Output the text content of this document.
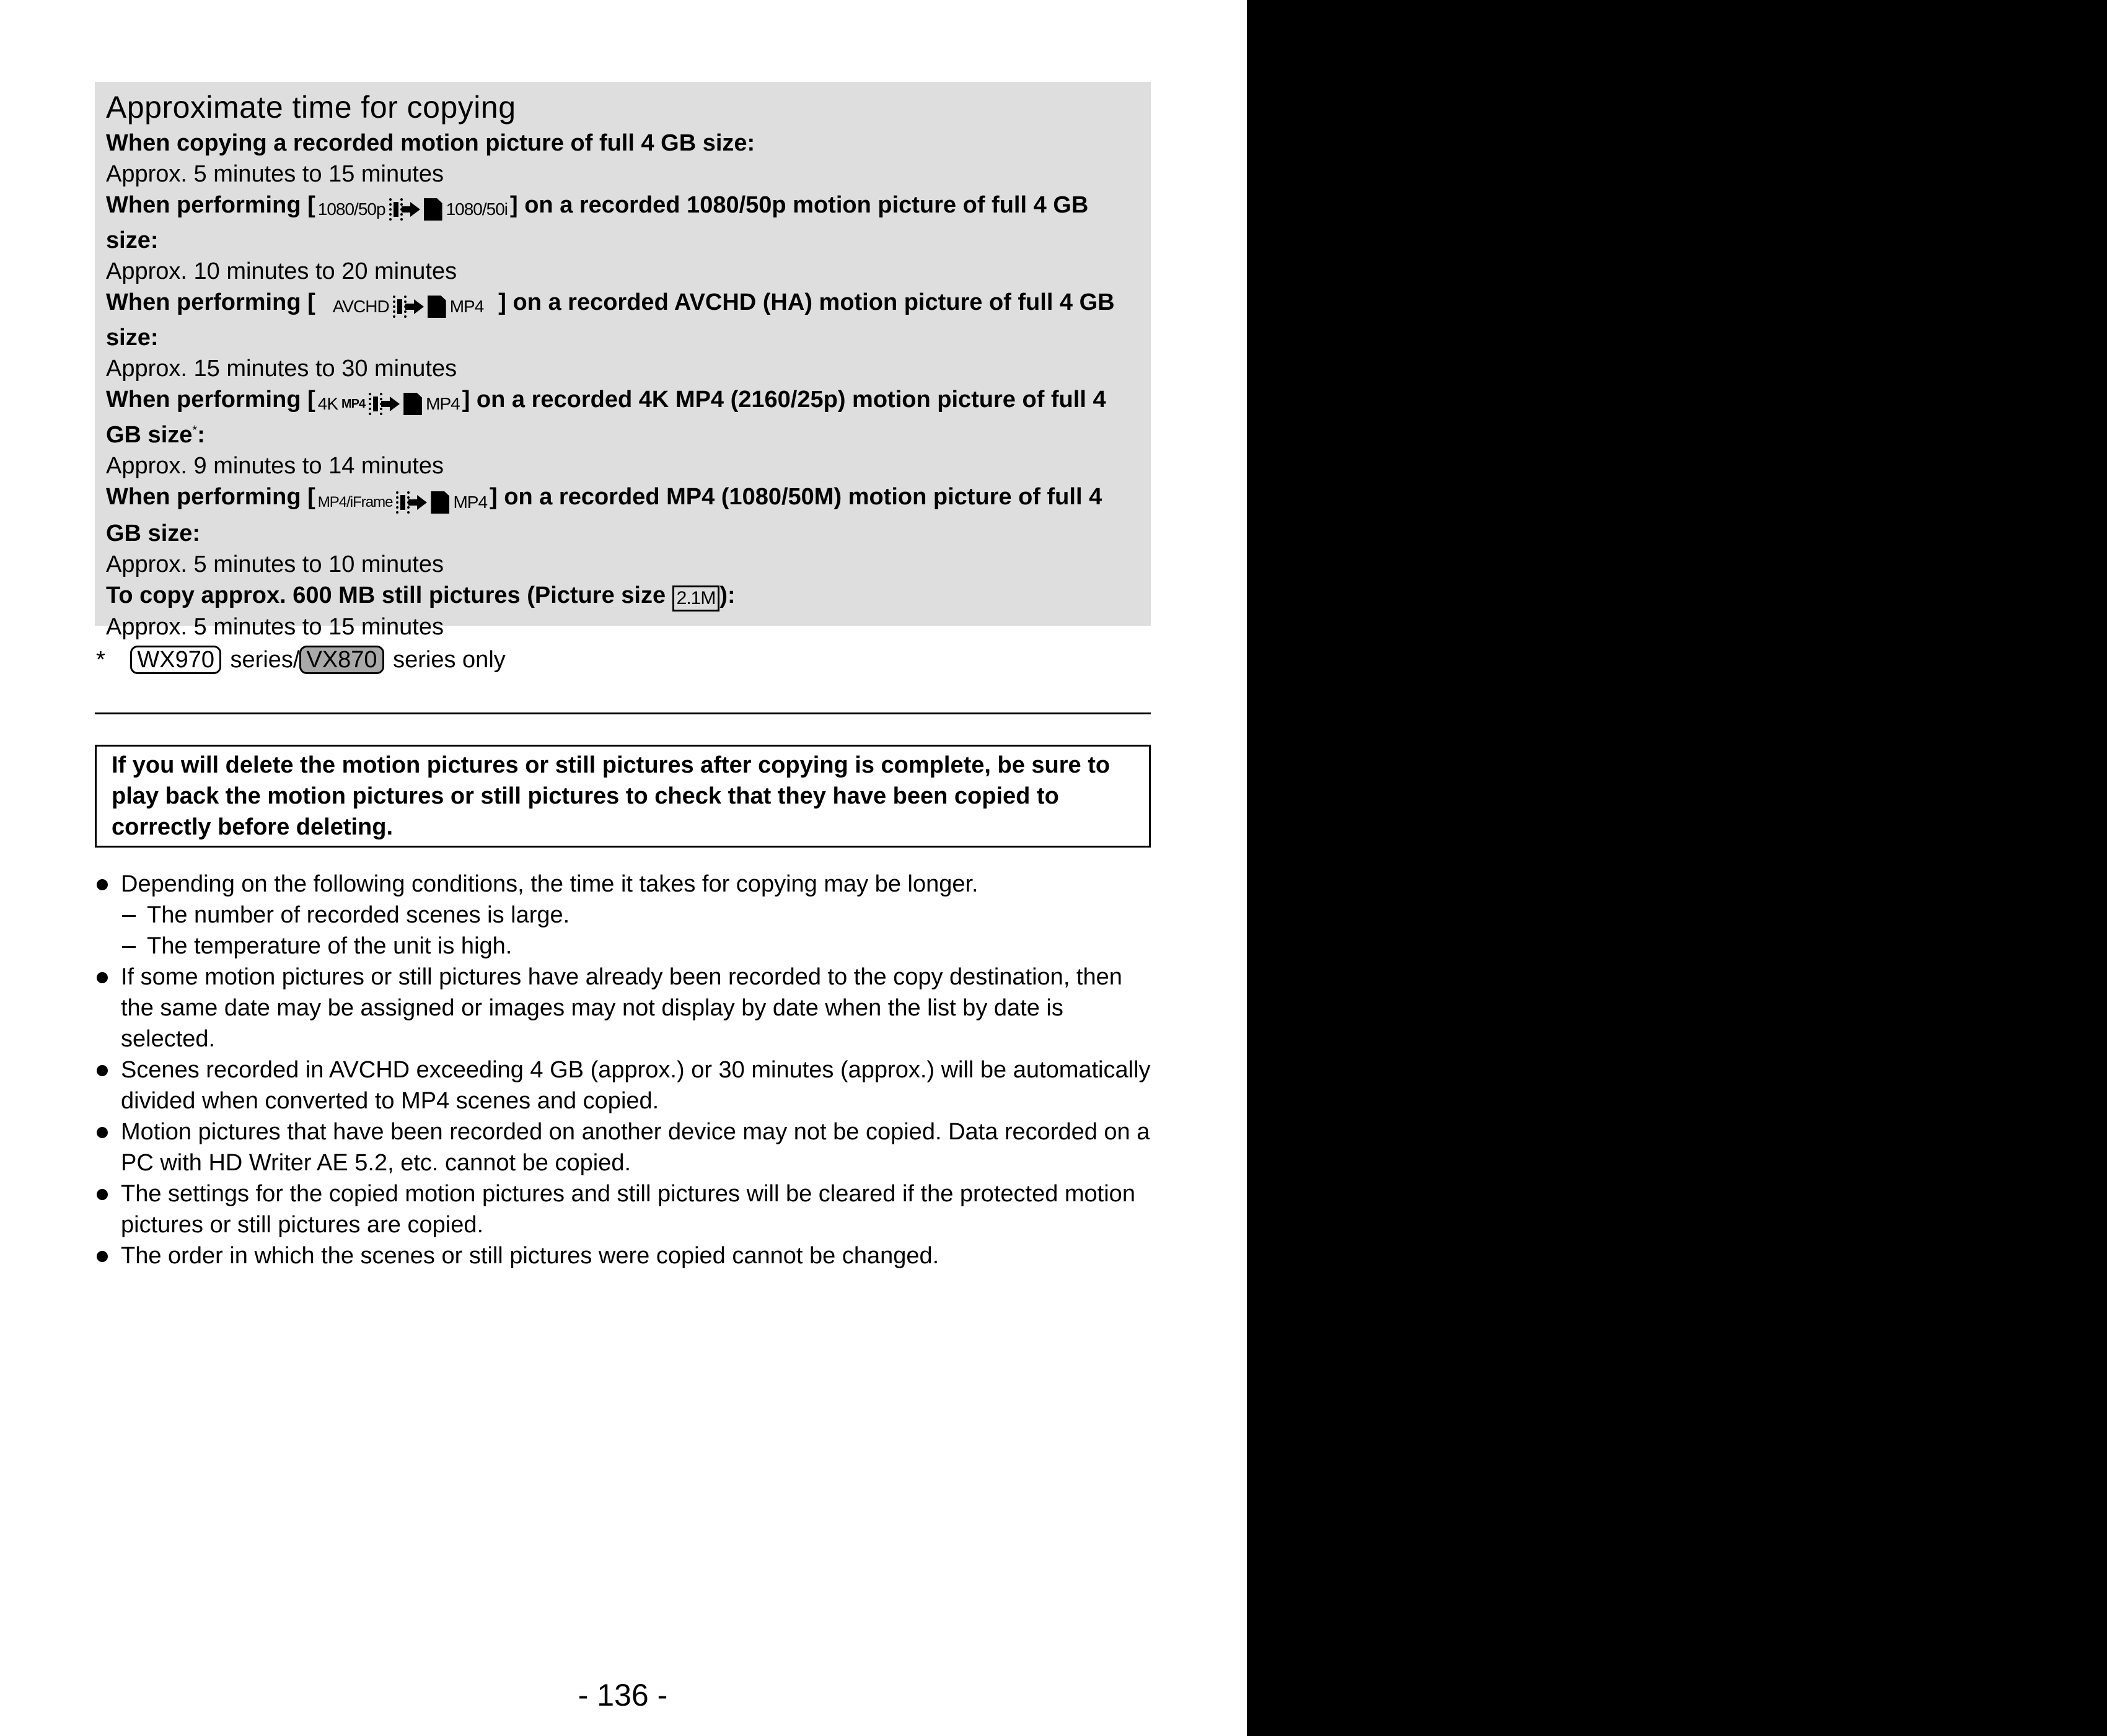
Approximate time for copying
When copying a recorded motion picture of full 4 GB size:
Approx. 5 minutes to 15 minutes
When performing [ 1080/50p	1080/50i ] on a recorded 1080/50p motion picture of full 4 GB size:
Approx. 10 minutes to 20 minutes
When performing [ AVCHD	MP4 ] on a recorded AVCHD (HA) motion picture of full 4 GB size:
Approx. 15 minutes to 30 minutes
When performing [ 4K MP4	MP4 ] on a recorded 4K MP4 (2160/25p) motion picture of full 4 GB size*:
Approx. 9 minutes to 14 minutes
When performing [ MP4/iFrame	MP4 ] on a recorded MP4 (1080/50M) motion picture of full 4 GB size:
Approx. 5 minutes to 10 minutes
To copy approx. 600 MB still pictures (Picture size 2.1M ):
Approx. 5 minutes to 15 minutes
* WX970 series/ VX870 series only
If you will delete the motion pictures or still pictures after copying is complete, be sure to play back the motion pictures or still pictures to check that they have been copied to correctly before deleting.
Depending on the following conditions, the time it takes for copying may be longer.
The number of recorded scenes is large.
The temperature of the unit is high.
If some motion pictures or still pictures have already been recorded to the copy destination, then the same date may be assigned or images may not display by date when the list by date is selected.
Scenes recorded in AVCHD exceeding 4 GB (approx.) or 30 minutes (approx.) will be automatically divided when converted to MP4 scenes and copied.
Motion pictures that have been recorded on another device may not be copied. Data recorded on a PC with HD Writer AE 5.2, etc. cannot be copied.
The settings for the copied motion pictures and still pictures will be cleared if the protected motion pictures or still pictures are copied.
The order in which the scenes or still pictures were copied cannot be changed.
- 136 -
